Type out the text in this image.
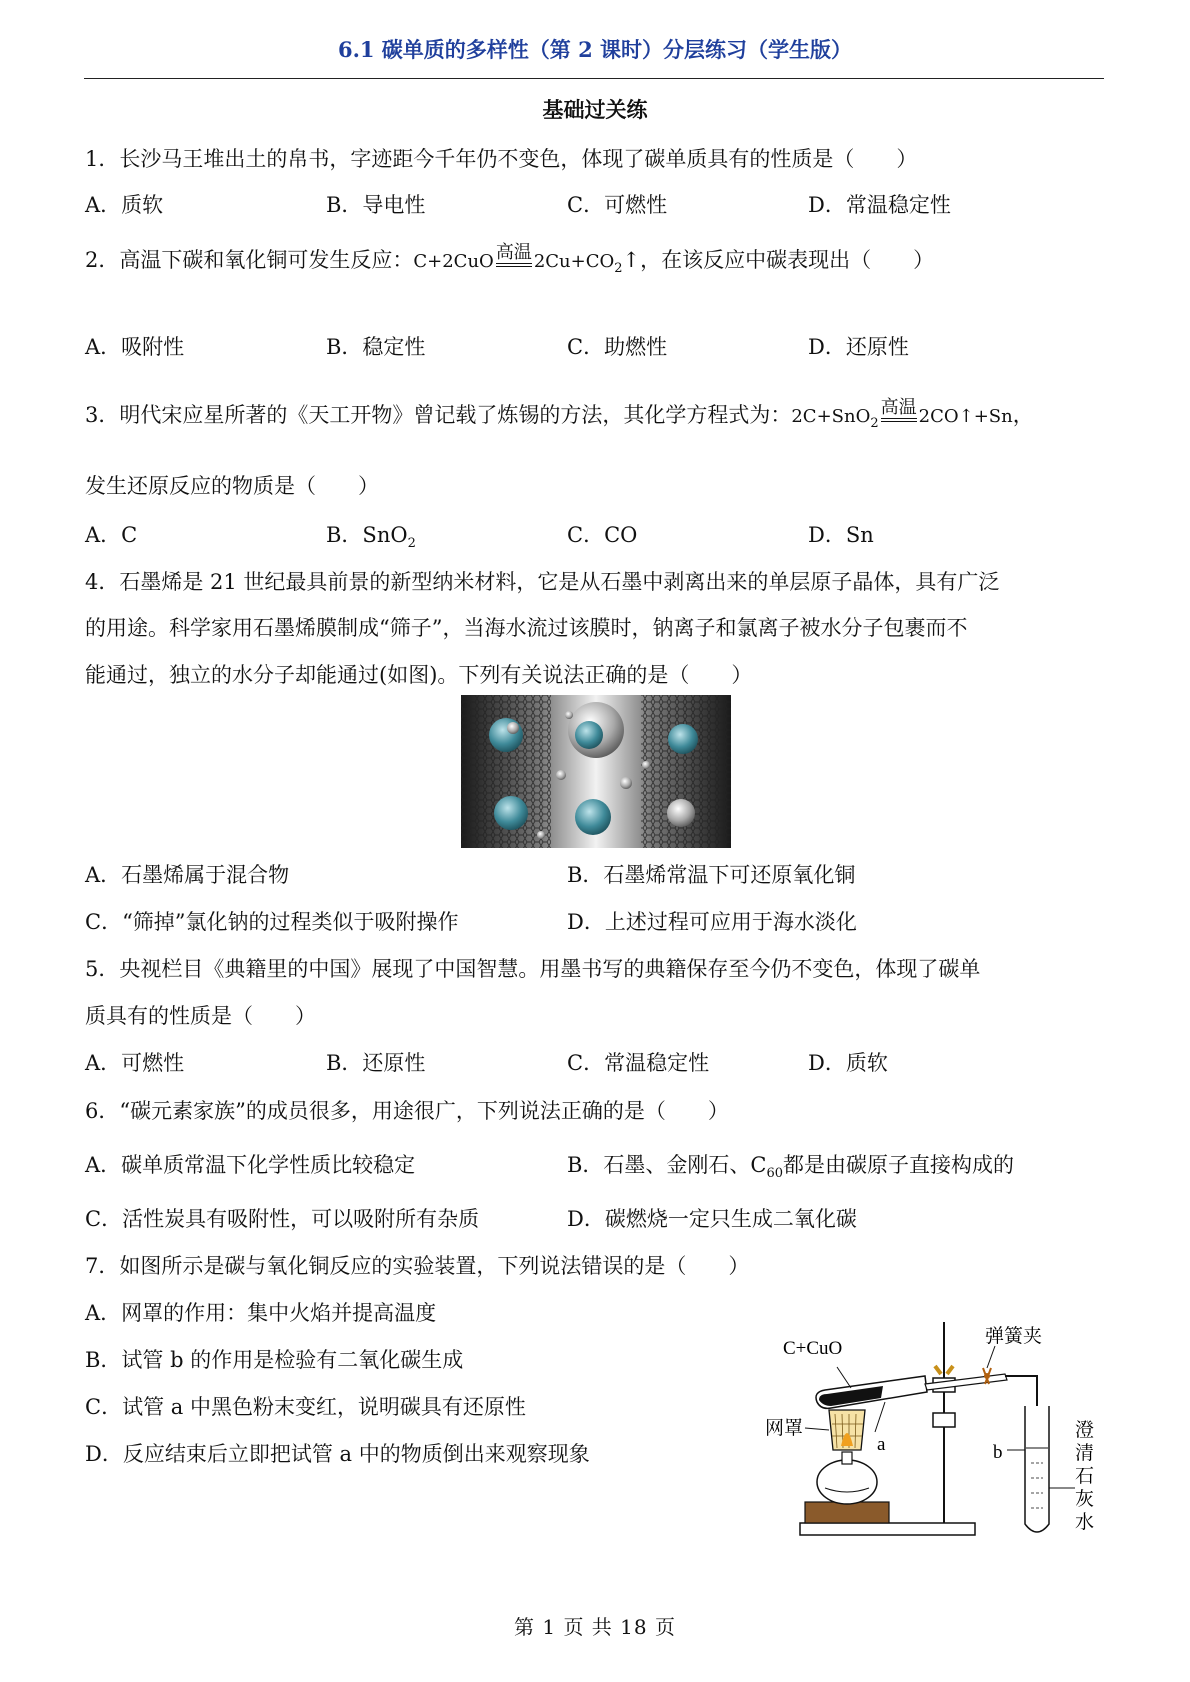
6.1 碳单质的多样性（第 2 课时）分层练习（学生版）
基础过关练
1．长沙马王堆出土的帛书，字迹距今千年仍不变色，体现了碳单质具有的性质是（　　）
A．质软	B．导电性	C．可燃性	D．常温稳定性
2．高温下碳和氧化铜可发生反应：C+2CuO 高温 $2Cu+CO_2↑$，在该反应中碳表现出（　　）
A．吸附性	B．稳定性	C．助燃性	D．还原性
3．明代宋应星所著的《天工开物》曾记载了炼锡的方法，其化学方程式为：2C+SnO$_2$
高温 2CO↑+Sn，
发生还原反应的物质是（　　）
A．C	B．SnO$_2$	C．CO	D．Sn
4．石墨烯是 21 世纪最具前景的新型纳米材料，它是从石墨中剥离出来的单层原子晶体，具有广泛
的用途。科学家用石墨烯膜制成“筛子”，当海水流过该膜时，钠离子和氯离子被水分子包裹而不
能通过，独立的水分子却能通过(如图)。下列有关说法正确的是（　　）
A．石墨烯属于混合物	B．石墨烯常温下可还原氧化铜
C．“筛掉”氯化钠的过程类似于吸附操作	D．上述过程可应用于海水淡化
5．央视栏目《典籍里的中国》展现了中国智慧。用墨书写的典籍保存至今仍不变色，体现了碳单
质具有的性质是（　　）
A．可燃性	B．还原性	C．常温稳定性	D．质软
6．“碳元素家族”的成员很多，用途很广，下列说法正确的是（　　）
A．碳单质常温下化学性质比较稳定	B．石墨、金刚石、$C_{60}$都是由碳原子直接构成的
C．活性炭具有吸附性，可以吸附所有杂质	D．碳燃烧一定只生成二氧化碳
7．如图所示是碳与氧化铜反应的实验装置，下列说法错误的是（　　）
A．网罩的作用：集中火焰并提高温度
B．试管 b 的作用是检验有二氧化碳生成
C．试管 a 中黑色粉末变红，说明碳具有还原性
D．反应结束后立即把试管 a 中的物质倒出来观察现象
C+CuO
弹簧夹
网罩
a	b
澄
清
石
灰
水
第 1 页 共 18 页
